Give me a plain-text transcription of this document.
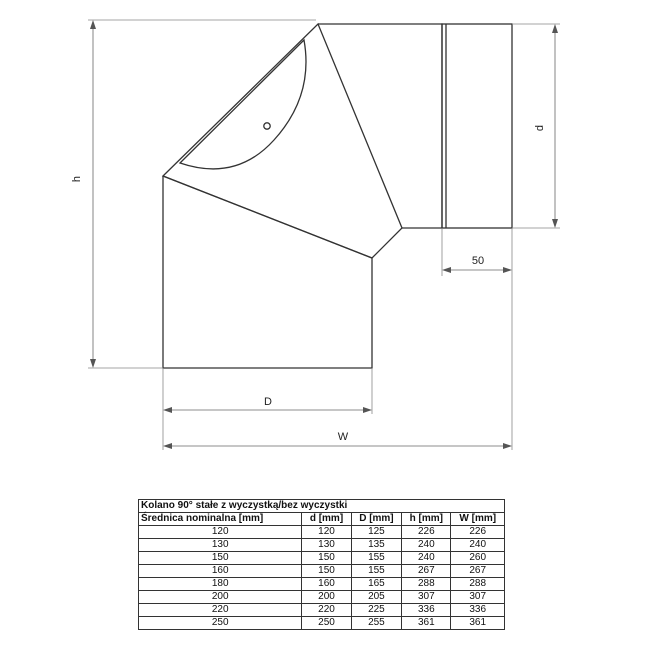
h
d
50
D
W
Kolano 90° stałe z wyczystką/bez wyczystki				
Średnica nominalna [mm]	d [mm]	D [mm]	h [mm]	W [mm]
120	120	125	226	226
130	130	135	240	240
150	150	155	240	260
160	150	155	267	267
180	160	165	288	288
200	200	205	307	307
220	220	225	336	336
250	250	255	361	361
